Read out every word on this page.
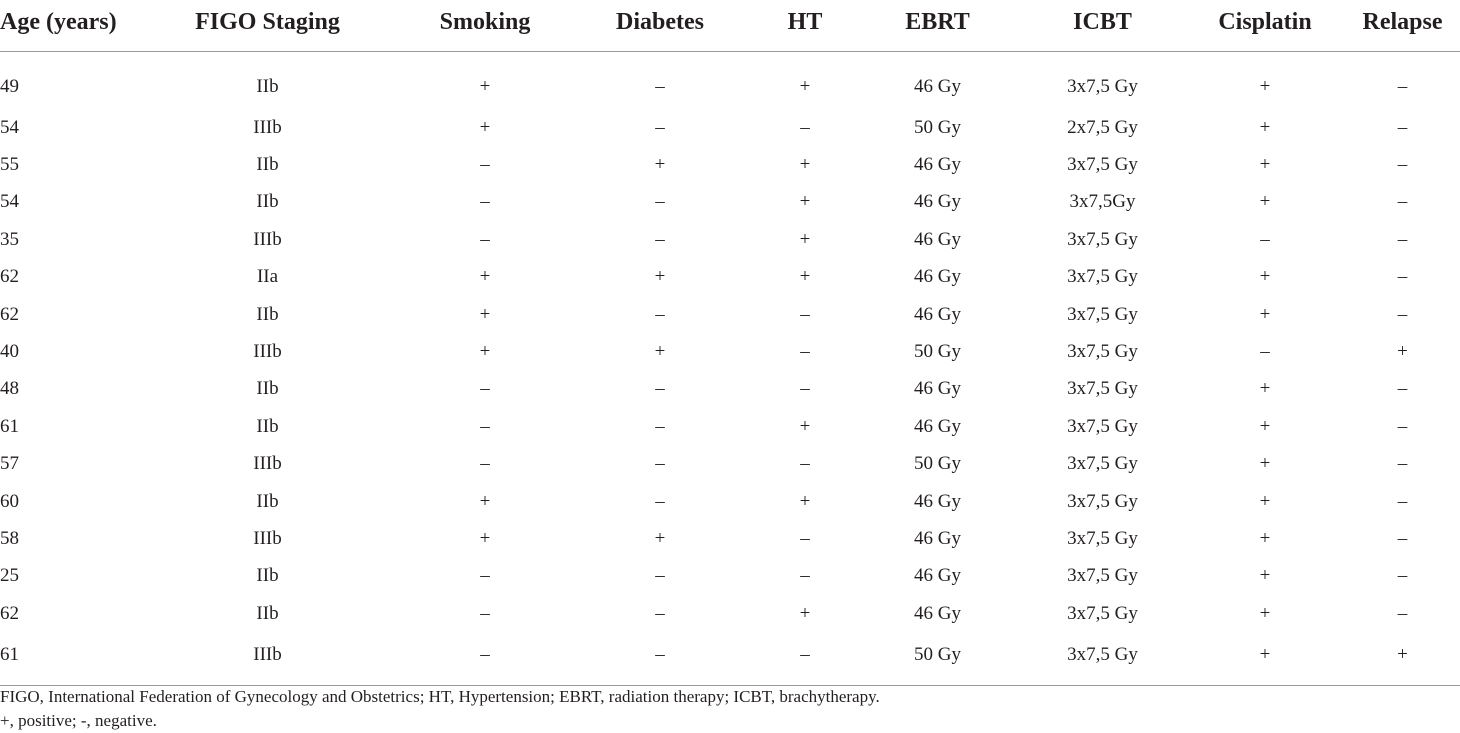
Age (years)	FIGO Staging	Smoking	Diabetes	HT	EBRT	ICBT	Cisplatin	Relapse
49	IIb	+	–	+	46 Gy	3x7,5 Gy	+	–
54	IIIb	+	–	–	50 Gy	2x7,5 Gy	+	–
55	IIb	–	+	+	46 Gy	3x7,5 Gy	+	–
54	IIb	–	–	+	46 Gy	3x7,5Gy	+	–
35	IIIb	–	–	+	46 Gy	3x7,5 Gy	–	–
62	IIa	+	+	+	46 Gy	3x7,5 Gy	+	–
62	IIb	+	–	–	46 Gy	3x7,5 Gy	+	–
40	IIIb	+	+	–	50 Gy	3x7,5 Gy	–	+
48	IIb	–	–	–	46 Gy	3x7,5 Gy	+	–
61	IIb	–	–	+	46 Gy	3x7,5 Gy	+	–
57	IIIb	–	–	–	50 Gy	3x7,5 Gy	+	–
60	IIb	+	–	+	46 Gy	3x7,5 Gy	+	–
58	IIIb	+	+	–	46 Gy	3x7,5 Gy	+	–
25	IIb	–	–	–	46 Gy	3x7,5 Gy	+	–
62	IIb	–	–	+	46 Gy	3x7,5 Gy	+	–
61	IIIb	–	–	–	50 Gy	3x7,5 Gy	+	+
FIGO, International Federation of Gynecology and Obstetrics; HT, Hypertension; EBRT, radiation therapy; ICBT, brachytherapy.
+, positive; -, negative.
